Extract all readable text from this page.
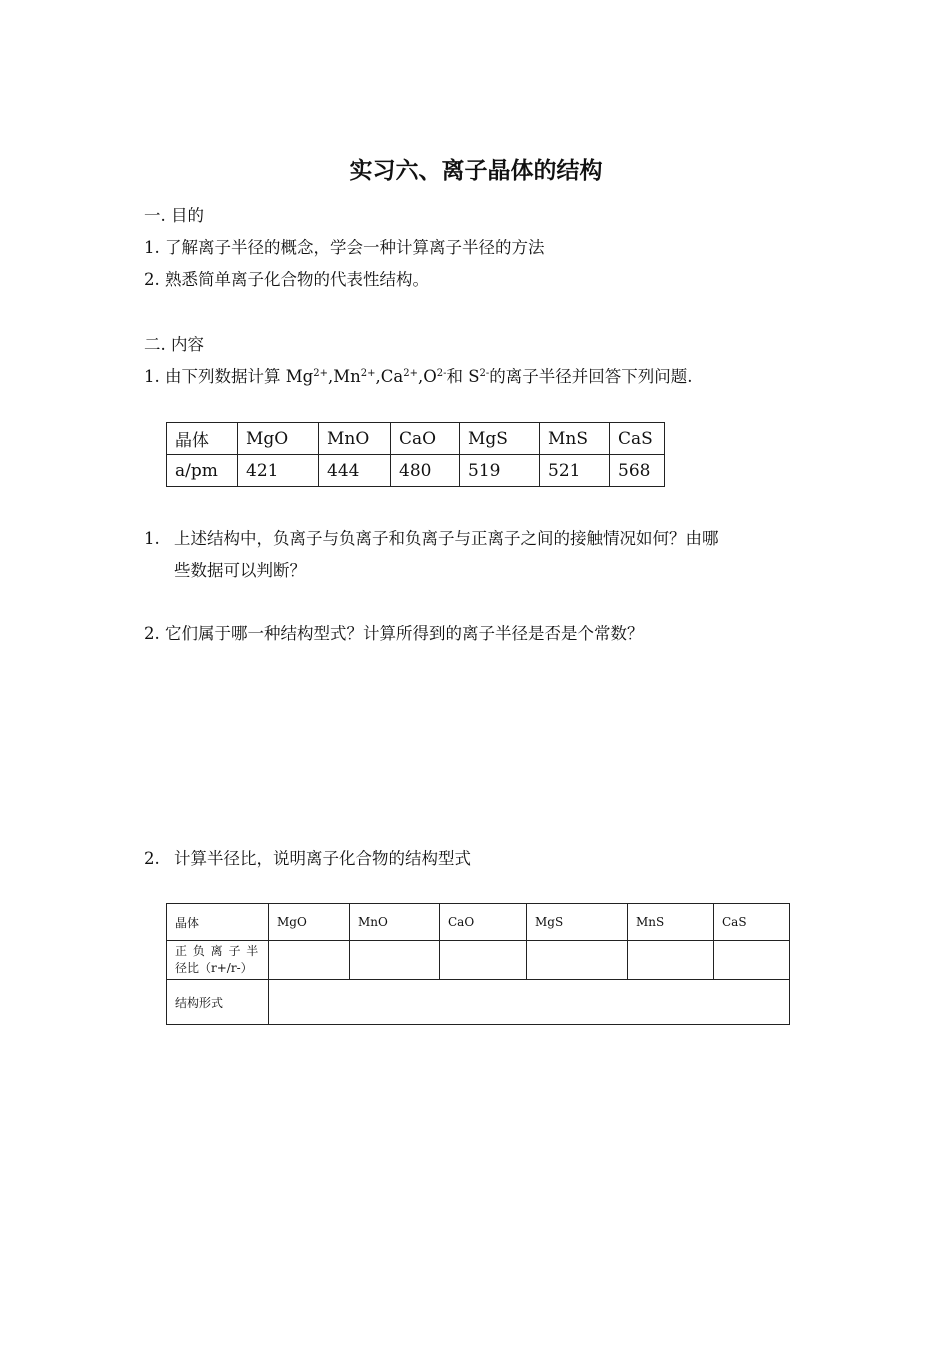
实习六、离子晶体的结构
一. 目的
1. 了解离子半径的概念，学会一种计算离子半径的方法
2. 熟悉简单离子化合物的代表性结构。
二. 内容
1. 由下列数据计算 $Mg^{2+},Mn^{2+},Ca^{2+},O^{2-}$和 $S^{2-}$的离子半径并回答下列问题.
晶体	MgO	MnO	CaO	MgS	MnS	CaS
a/pm	421	444	480	519	521	568
1. 上述结构中，负离子与负离子和负离子与正离子之间的接触情况如何？由哪
些数据可以判断？
2. 它们属于哪一种结构型式？计算所得到的离子半径是否是个常数？
2. 计算半径比，说明离子化合物的结构型式
晶体	MgO	MnO	CaO	MgS	MnS	CaS

正 负 离 子 半
径比（r+/r-）						

结构形式						
